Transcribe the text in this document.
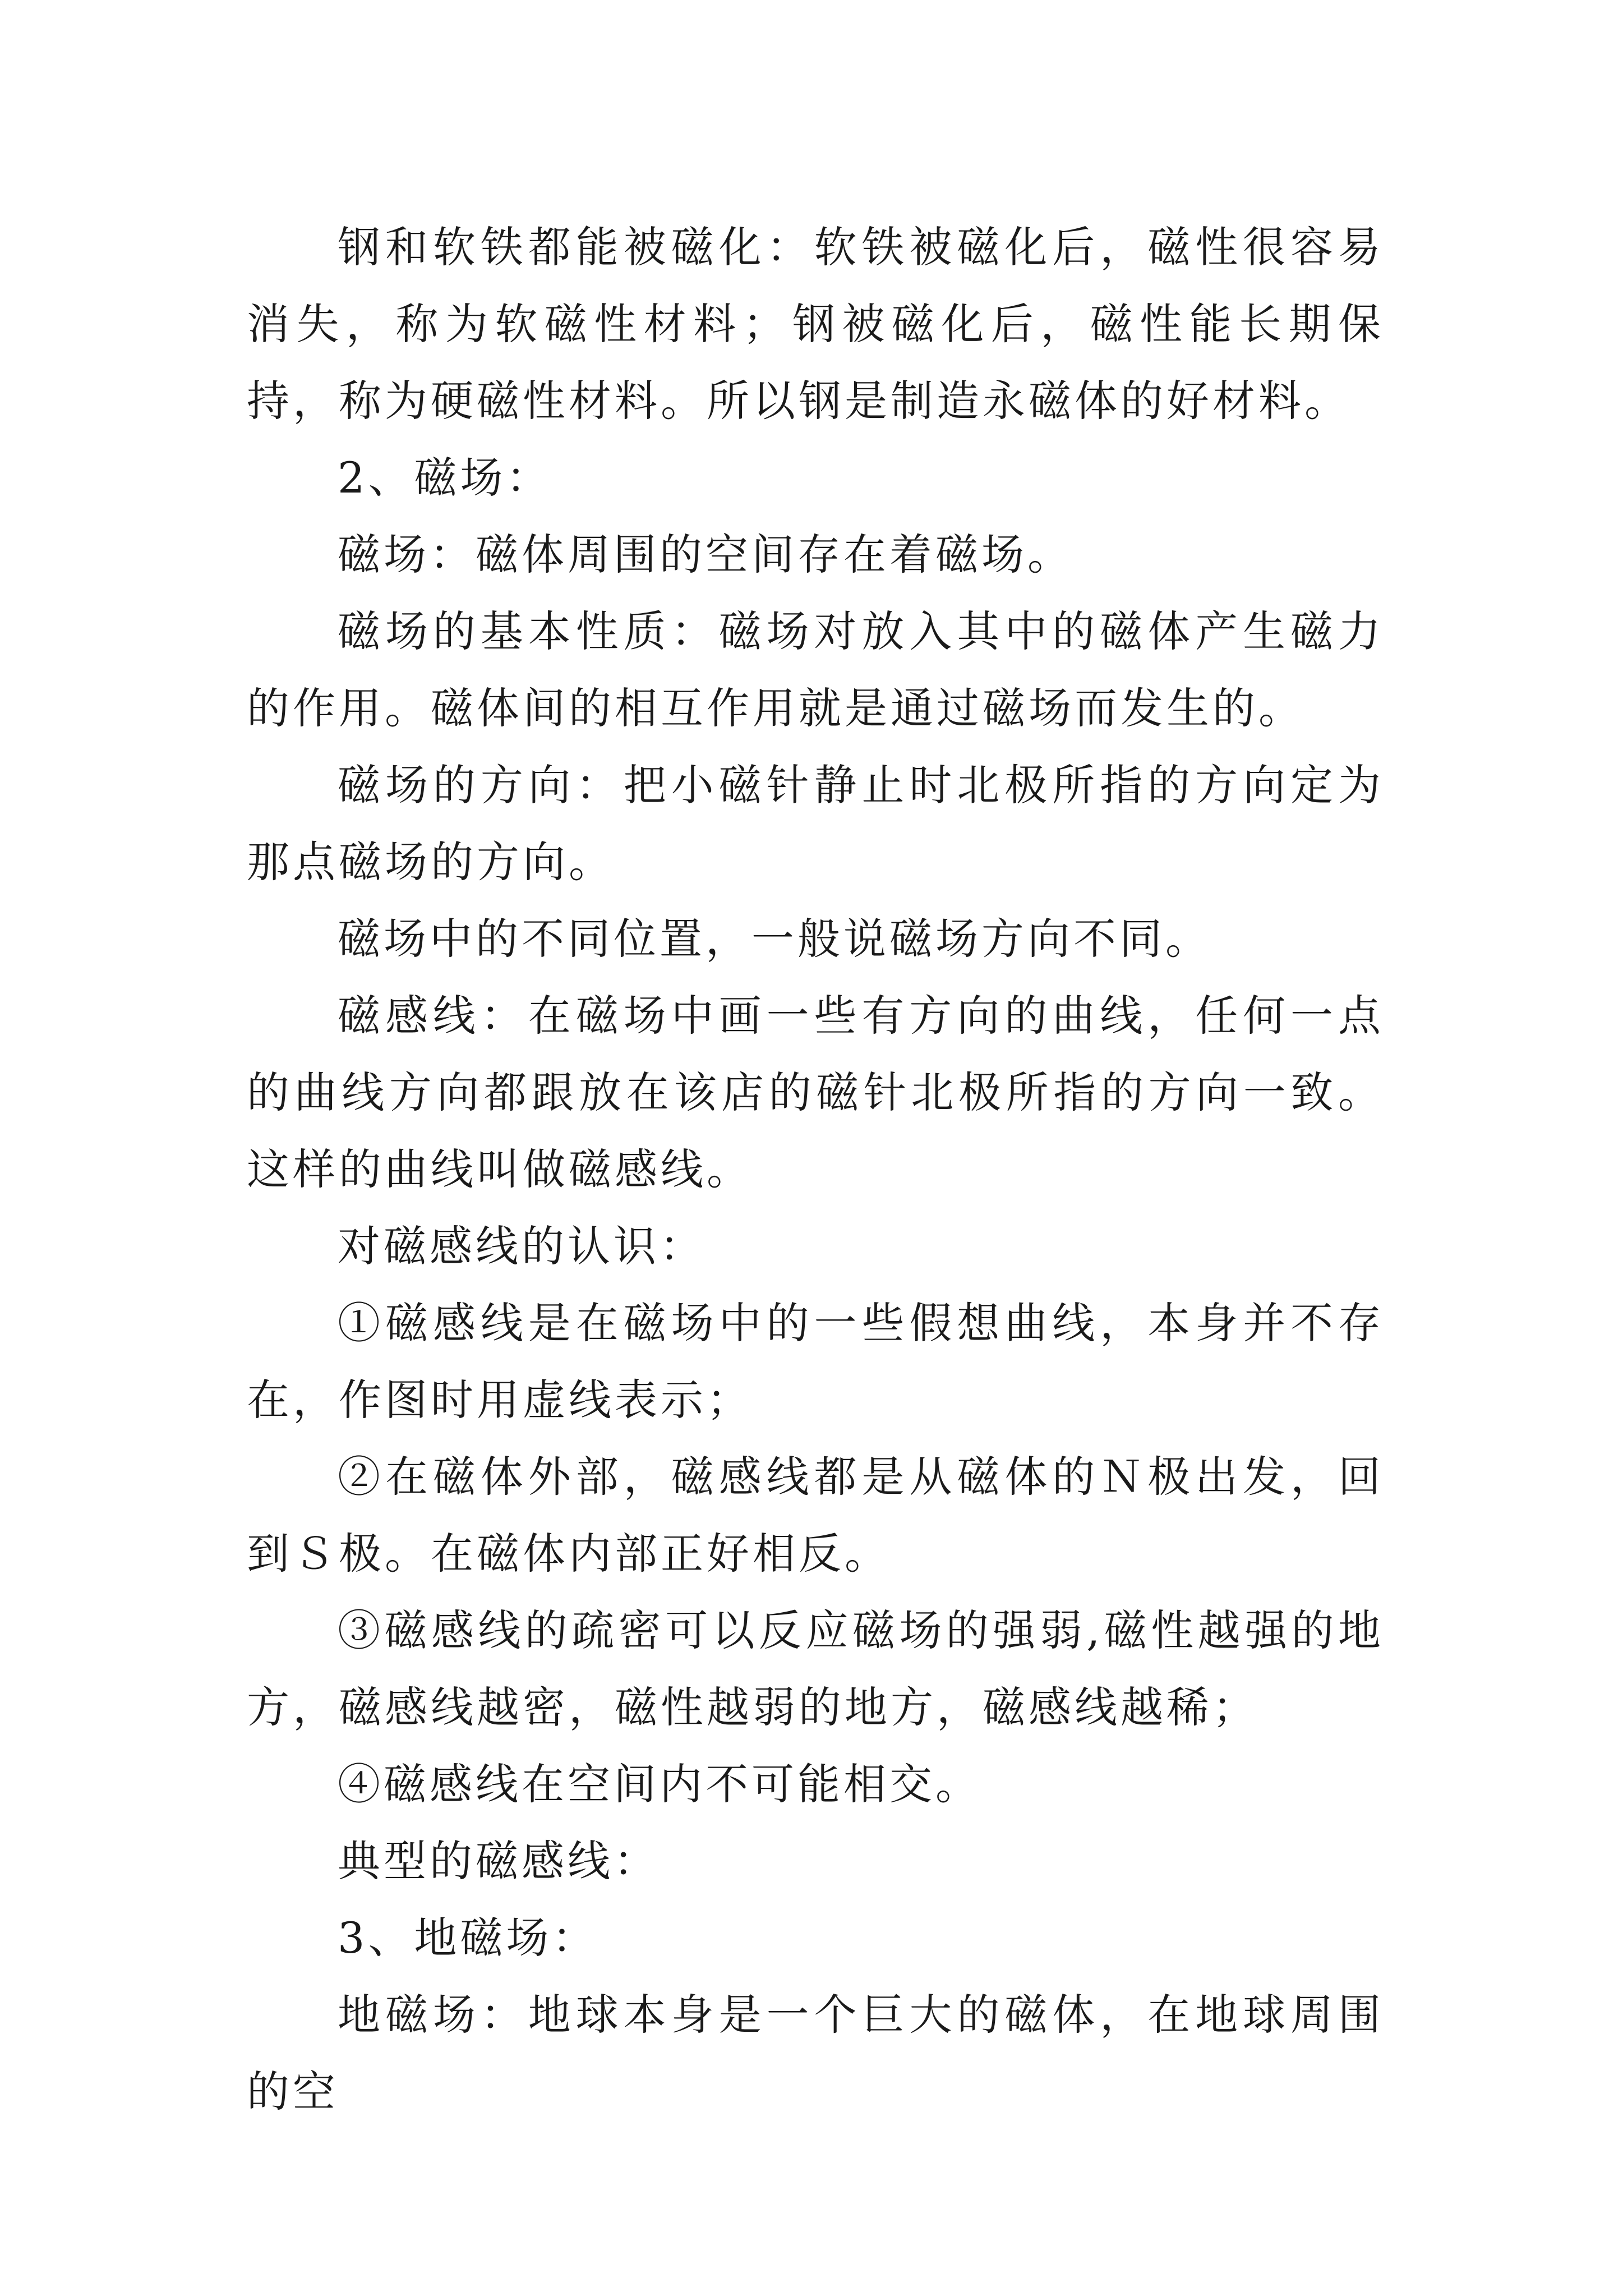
钢和软铁都能被磁化：软铁被磁化后，磁性很容易消失，称为软磁性材料；钢被磁化后，磁性能长期保持，称为硬磁性材料。所以钢是制造永磁体的好材料。

2、磁场：

磁场：磁体周围的空间存在着磁场。

磁场的基本性质：磁场对放入其中的磁体产生磁力的作用。磁体间的相互作用就是通过磁场而发生的。

磁场的方向：把小磁针静止时北极所指的方向定为那点磁场的方向。

磁场中的不同位置，一般说磁场方向不同。

磁感线：在磁场中画一些有方向的曲线，任何一点的曲线方向都跟放在该店的磁针北极所指的方向一致。这样的曲线叫做磁感线。

对磁感线的认识：

①磁感线是在磁场中的一些假想曲线，本身并不存在，作图时用虚线表示；

②在磁体外部，磁感线都是从磁体的Ｎ极出发，回到Ｓ极。在磁体内部正好相反。

③磁感线的疏密可以反应磁场的强弱,磁性越强的地方，磁感线越密，磁性越弱的地方，磁感线越稀；

④磁感线在空间内不可能相交。

典型的磁感线：

3、地磁场：

地磁场：地球本身是一个巨大的磁体，在地球周围的空
